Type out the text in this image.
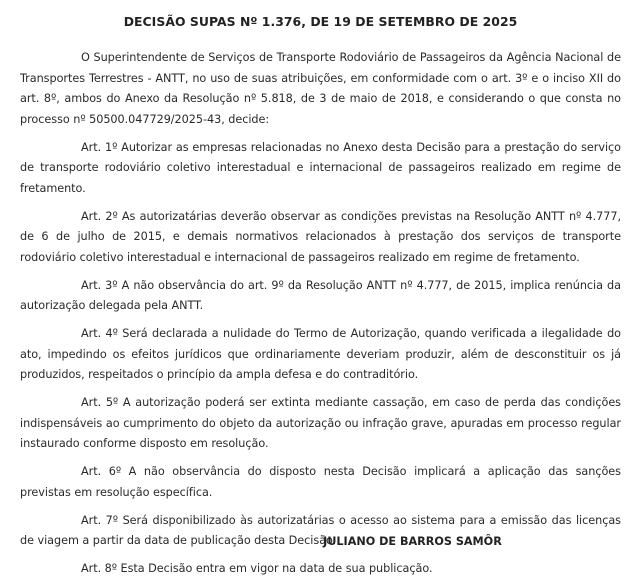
DECISÃO SUPAS Nº 1.376, DE 19 DE SETEMBRO DE 2025

O Superintendente de Serviços de Transporte Rodoviário de Passageiros da Agência Nacional de Transportes Terrestres - ANTT, no uso de suas atribuições, em conformidade com o art. 3º e o inciso XII do art. 8º, ambos do Anexo da Resolução nº 5.818, de 3 de maio de 2018, e considerando o que consta no processo nº 50500.047729/2025-43, decide:

Art. 1º Autorizar as empresas relacionadas no Anexo desta Decisão para a prestação do serviço de transporte rodoviário coletivo interestadual e internacional de passageiros realizado em regime de fretamento.

Art. 2º As autorizatárias deverão observar as condições previstas na Resolução ANTT nº 4.777, de 6 de julho de 2015, e demais normativos relacionados à prestação dos serviços de transporte rodoviário coletivo interestadual e internacional de passageiros realizado em regime de fretamento.

Art. 3º A não observância do art. 9º da Resolução ANTT nº 4.777, de 2015, implica renúncia da autorização delegada pela ANTT.

Art. 4º Será declarada a nulidade do Termo de Autorização, quando verificada a ilegalidade do ato, impedindo os efeitos jurídicos que ordinariamente deveriam produzir, além de desconstituir os já produzidos, respeitados o princípio da ampla defesa e do contraditório.

Art. 5º A autorização poderá ser extinta mediante cassação, em caso de perda das condições indispensáveis ao cumprimento do objeto da autorização ou infração grave, apuradas em processo regular instaurado conforme disposto em resolução.

Art. 6º A não observância do disposto nesta Decisão implicará a aplicação das sanções previstas em resolução específica.

Art. 7º Será disponibilizado às autorizatárias o acesso ao sistema para a emissão das licenças de viagem a partir da data de publicação desta Decisão.

Art. 8º Esta Decisão entra em vigor na data de sua publicação.

JULIANO DE BARROS SAMÔR
